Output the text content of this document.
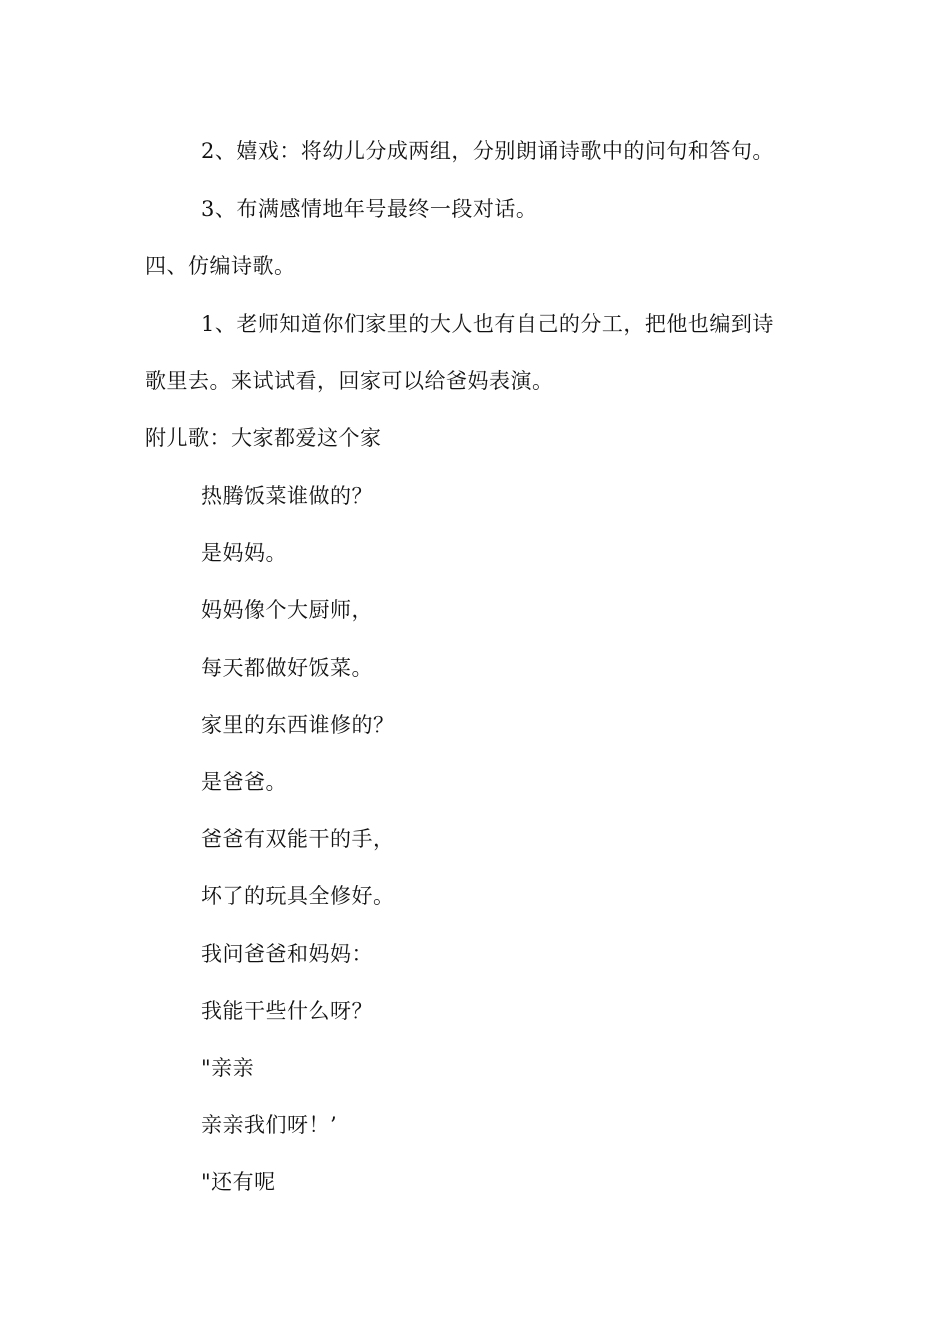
2、嬉戏：将幼儿分成两组，分别朗诵诗歌中的问句和答句。
3、布满感情地年号最终一段对话。
四、仿编诗歌。
1、老师知道你们家里的大人也有自己的分工，把他也编到诗
歌里去。来试试看，回家可以给爸妈表演。
附儿歌：大家都爱这个家
热腾饭菜谁做的？
是妈妈。
妈妈像个大厨师，
每天都做好饭菜。
家里的东西谁修的？
是爸爸。
爸爸有双能干的手，
坏了的玩具全修好。
我问爸爸和妈妈：
我能干些什么呀？
"亲亲
亲亲我们呀！’
"还有呢
